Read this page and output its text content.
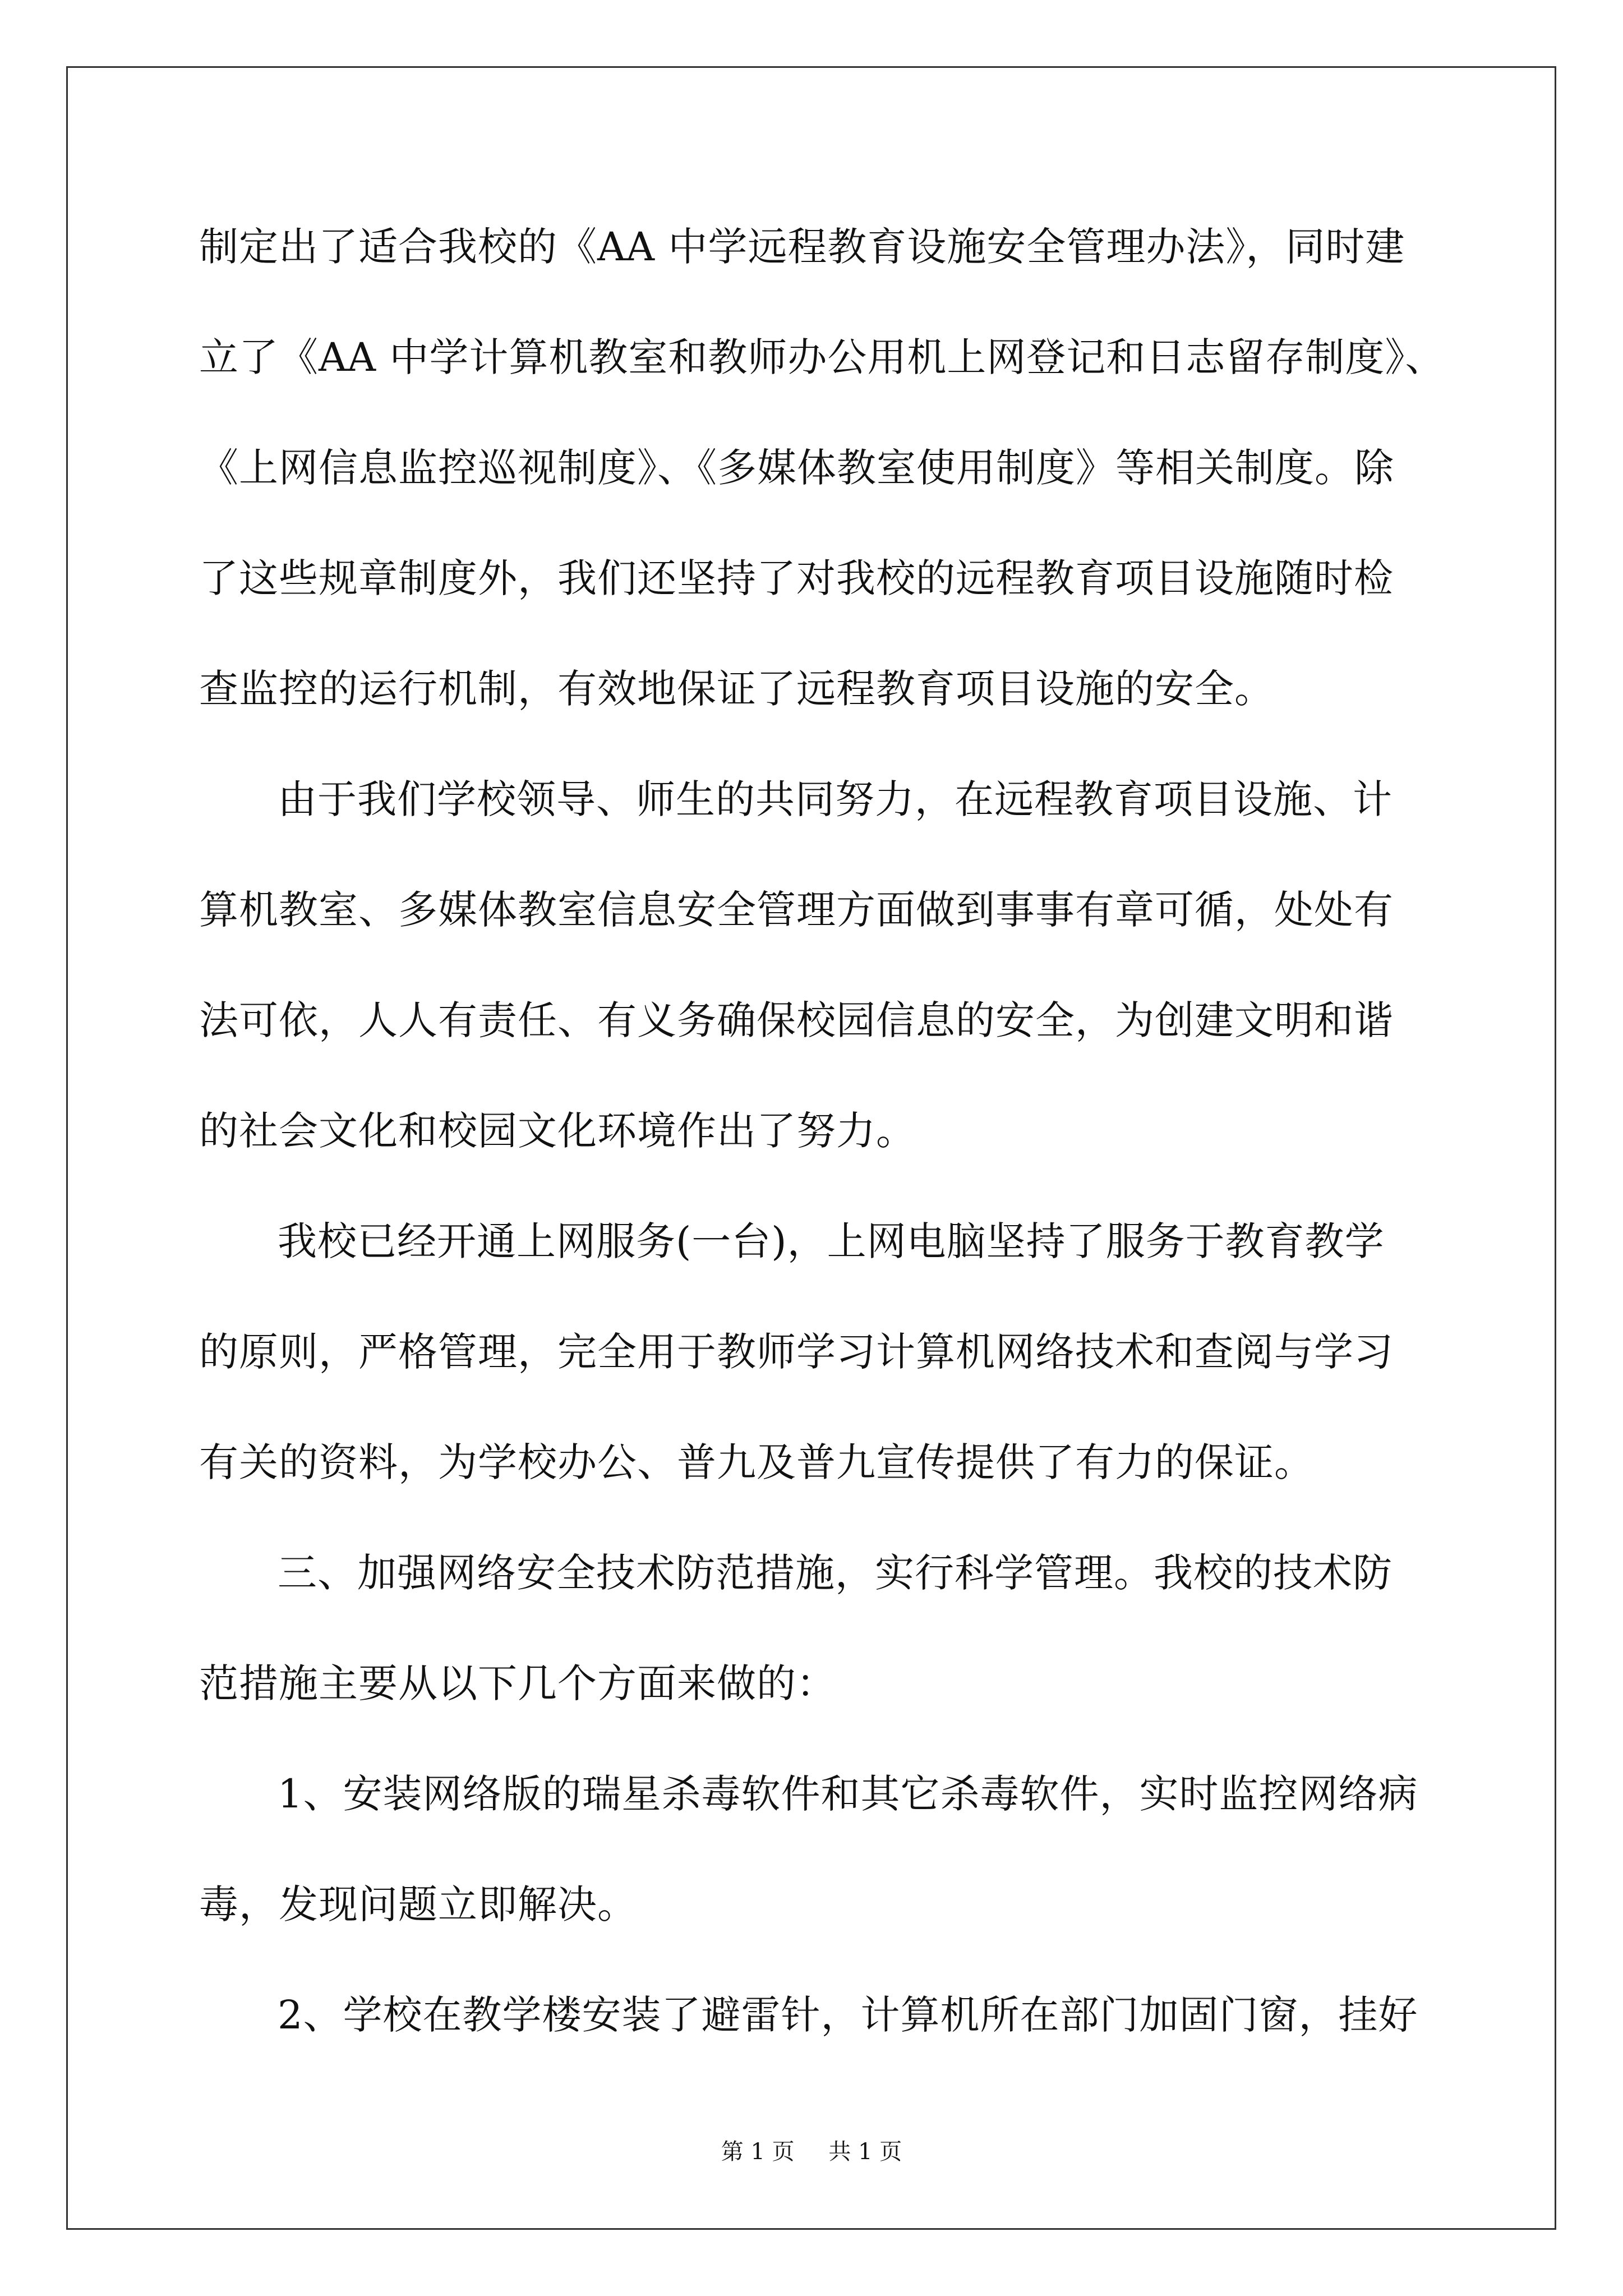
制定出了适合我校的《AA 中学远程教育设施安全管理办法》，同时建
立了《AA 中学计算机教室和教师办公用机上网登记和日志留存制度》、
《上网信息监控巡视制度》、《多媒体教室使用制度》等相关制度。除
了这些规章制度外，我们还坚持了对我校的远程教育项目设施随时检
查监控的运行机制，有效地保证了远程教育项目设施的安全。
由于我们学校领导、师生的共同努力，在远程教育项目设施、计
算机教室、多媒体教室信息安全管理方面做到事事有章可循，处处有
法可依，人人有责任、有义务确保校园信息的安全，为创建文明和谐
的社会文化和校园文化环境作出了努力。
我校已经开通上网服务(一台)，上网电脑坚持了服务于教育教学
的原则，严格管理，完全用于教师学习计算机网络技术和查阅与学习
有关的资料，为学校办公、普九及普九宣传提供了有力的保证。
三、加强网络安全技术防范措施，实行科学管理。我校的技术防
范措施主要从以下几个方面来做的：
1、安装网络版的瑞星杀毒软件和其它杀毒软件，实时监控网络病
毒，发现问题立即解决。
2、学校在教学楼安装了避雷针，计算机所在部门加固门窗，挂好
第 1 页 共 1 页
